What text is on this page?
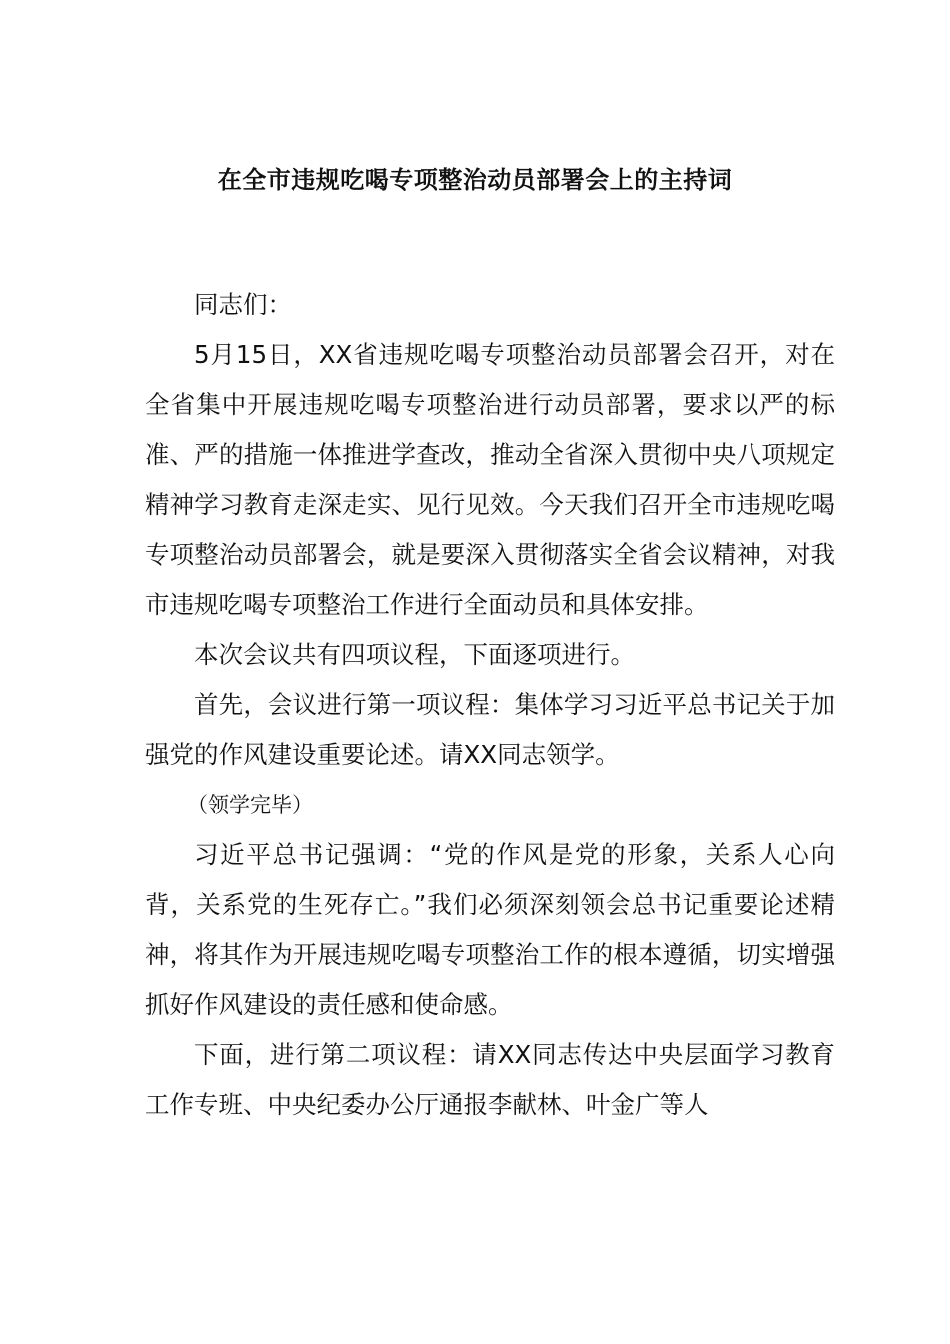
在全市违规吃喝专项整治动员部署会上的主持词

同志们：

5月15日，XX省违规吃喝专项整治动员部署会召开，对在全省集中开展违规吃喝专项整治进行动员部署，要求以严的标准、严的措施一体推进学查改，推动全省深入贯彻中央八项规定精神学习教育走深走实、见行见效。今天我们召开全市违规吃喝专项整治动员部署会，就是要深入贯彻落实全省会议精神，对我市违规吃喝专项整治工作进行全面动员和具体安排。

本次会议共有四项议程，下面逐项进行。

首先，会议进行第一项议程：集体学习习近平总书记关于加强党的作风建设重要论述。请XX同志领学。

（领学完毕）

习近平总书记强调：“党的作风是党的形象，关系人心向背，关系党的生死存亡。”我们必须深刻领会总书记重要论述精神，将其作为开展违规吃喝专项整治工作的根本遵循，切实增强抓好作风建设的责任感和使命感。

下面，进行第二项议程：请XX同志传达中央层面学习教育工作专班、中央纪委办公厅通报李献林、叶金广等人
